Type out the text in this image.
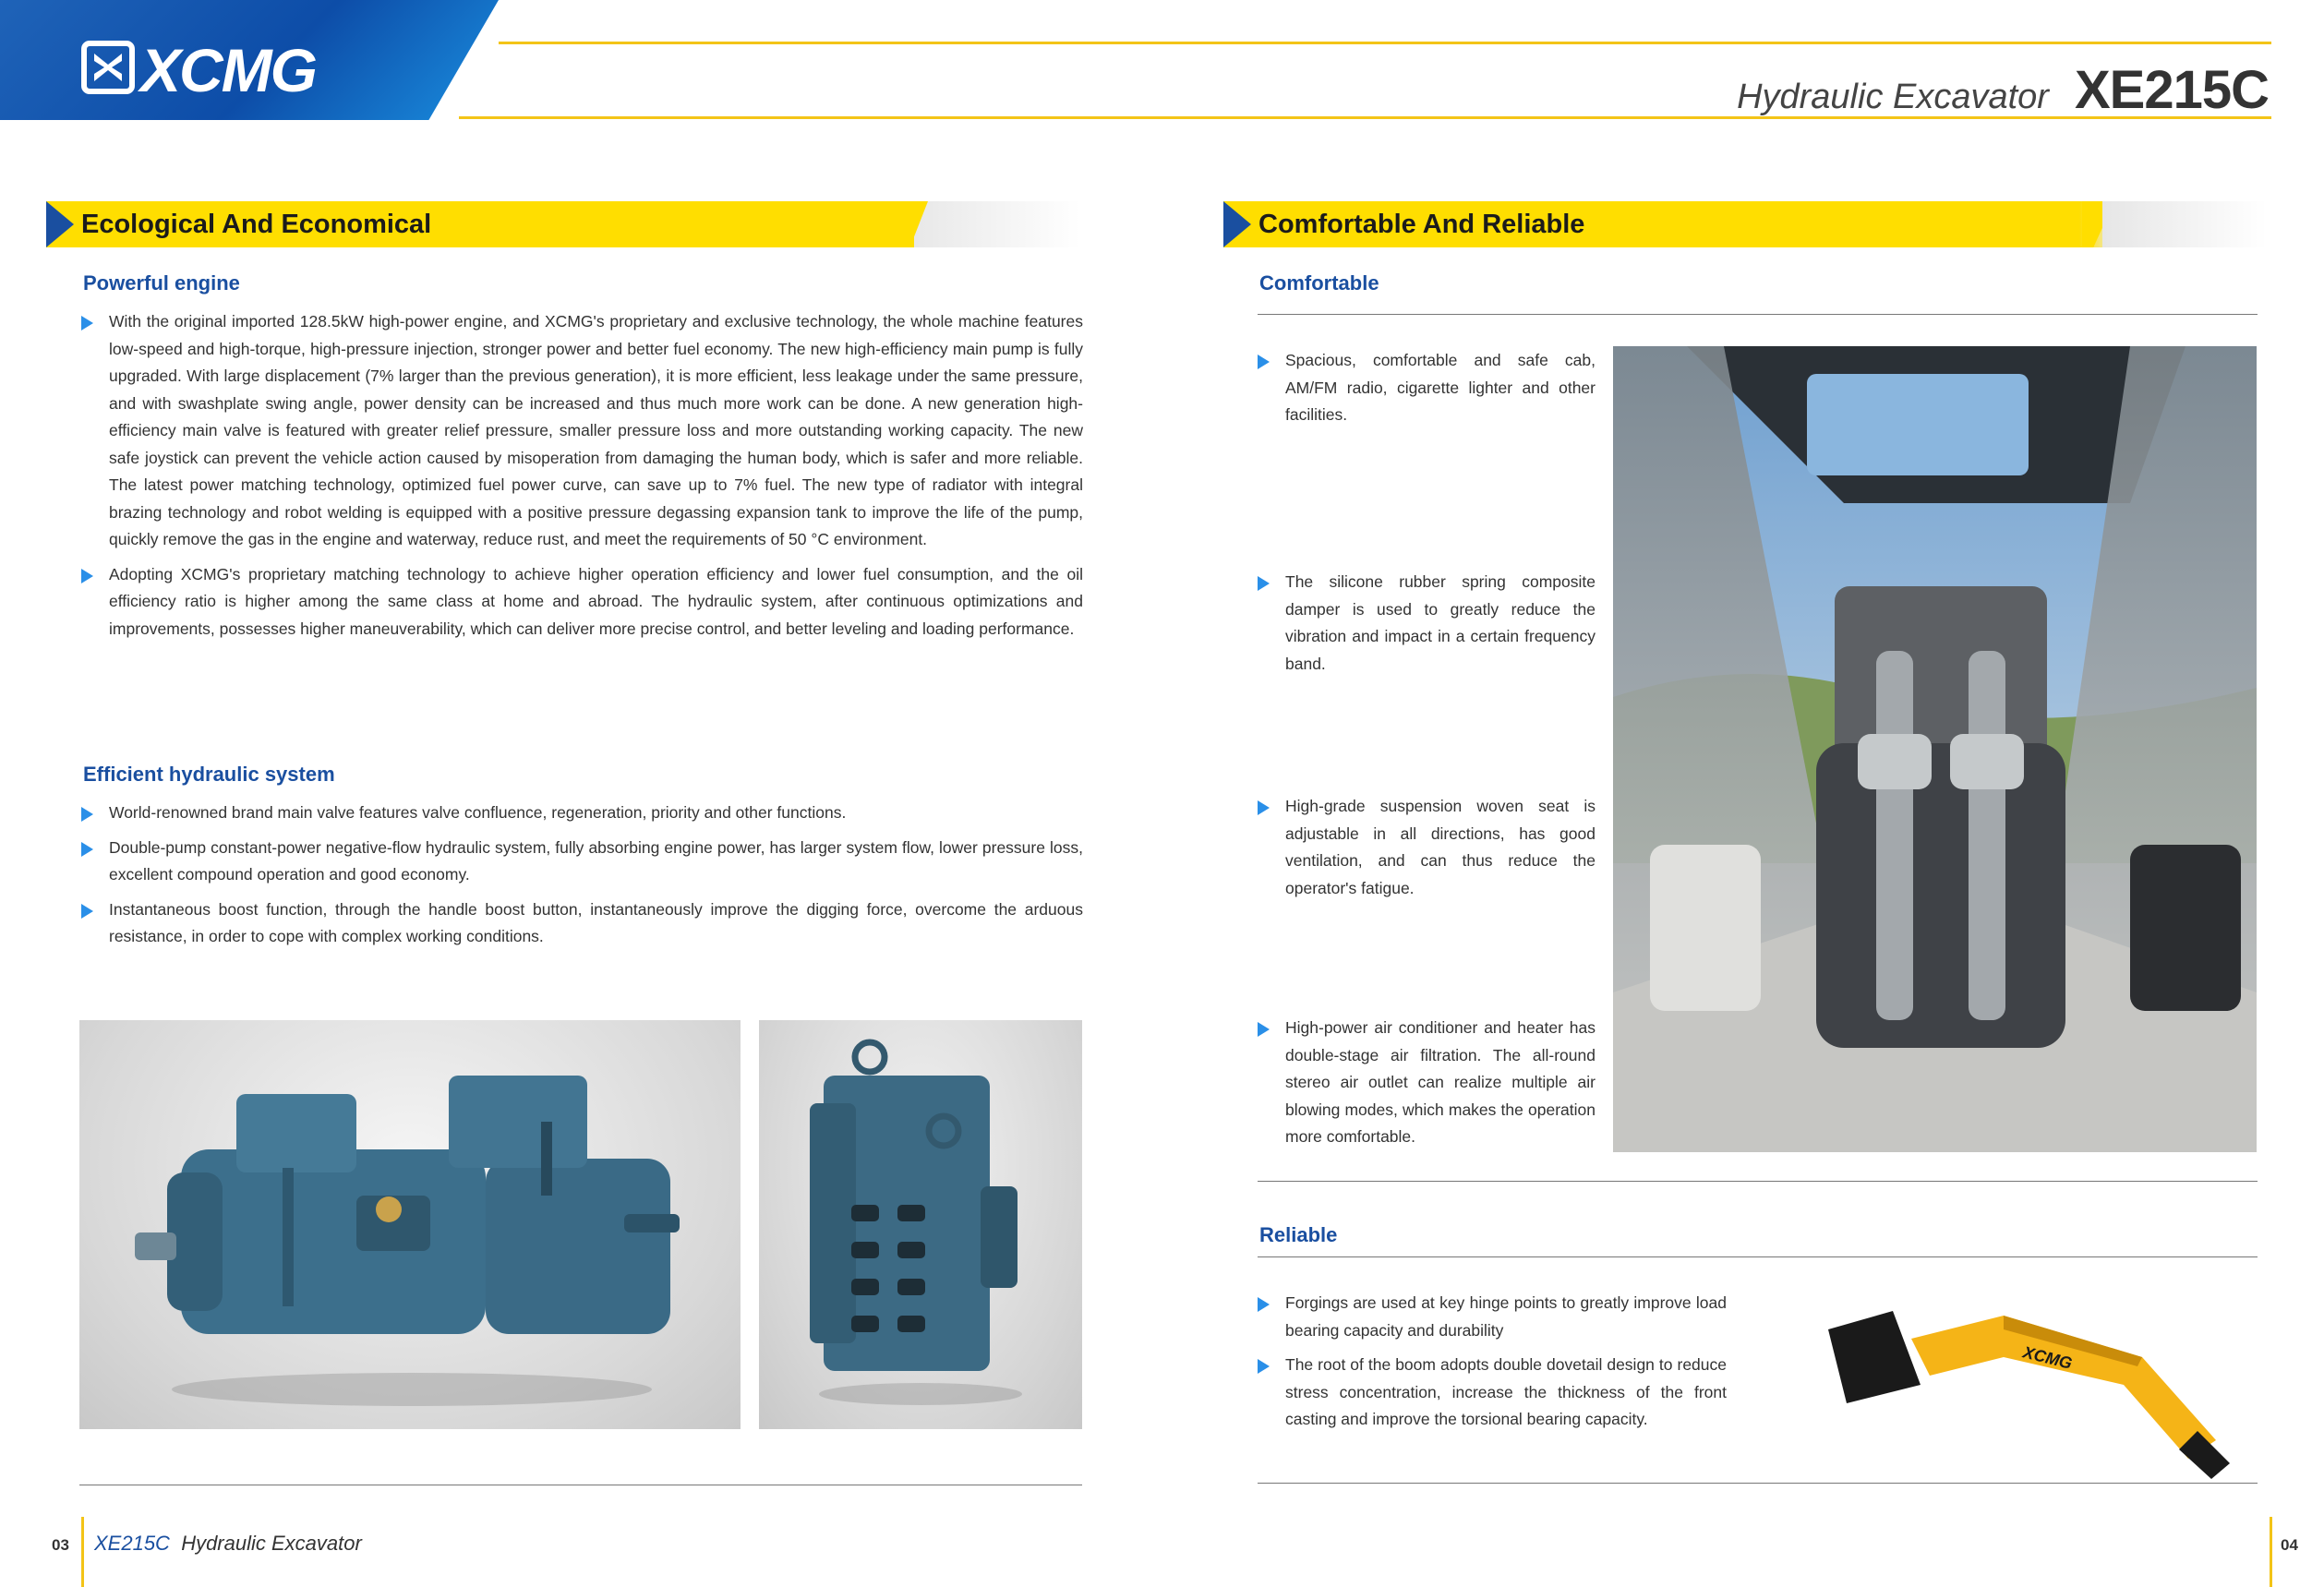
XCMG	Hydraulic Excavator XE215C
Ecological And Economical
Powerful engine
With the original imported 128.5kW high-power engine, and XCMG's proprietary and exclusive technology, the whole machine features low-speed and high-torque, high-pressure injection, stronger power and better fuel economy. The new high-efficiency main pump is fully upgraded. With large displacement (7% larger than the previous generation), it is more efficient, less leakage under the same pressure, and with swashplate swing angle, power density can be increased and thus much more work can be done. A new generation high-efficiency main valve is featured with greater relief pressure, smaller pressure loss and more outstanding working capacity. The new safe joystick can prevent the vehicle action caused by misoperation from damaging the human body, which is safer and more reliable. The latest power matching technology, optimized fuel power curve, can save up to 7% fuel. The new type of radiator with integral brazing technology and robot welding is equipped with a positive pressure degassing expansion tank to improve the life of the pump, quickly remove the gas in the engine and waterway, reduce rust, and meet the requirements of 50 °C environment.
Adopting XCMG's proprietary matching technology to achieve higher operation efficiency and lower fuel consumption, and the oil efficiency ratio is higher among the same class at home and abroad. The hydraulic system, after continuous optimizations and improvements, possesses higher maneuverability, which can deliver more precise control, and better leveling and loading performance.
Efficient hydraulic system
World-renowned brand main valve features valve confluence, regeneration, priority and other functions.
Double-pump constant-power negative-flow hydraulic system, fully absorbing engine power, has larger system flow, lower pressure loss, excellent compound operation and good economy.
Instantaneous boost function, through the handle boost button, instantaneously improve the digging force, overcome the arduous resistance, in order to cope with complex working conditions.
Comfortable And Reliable
Comfortable
Spacious, comfortable and safe cab, AM/FM radio, cigarette lighter and other facilities.
The silicone rubber spring composite damper is used to greatly reduce the vibration and impact in a certain frequency band.
High-grade suspension woven seat is adjustable in all directions, has good ventilation, and can thus reduce the operator's fatigue.
High-power air conditioner and heater has double-stage air filtration. The all-round stereo air outlet can realize multiple air blowing modes, which makes the operation more comfortable.
Reliable
Forgings are used at key hinge points to greatly improve load bearing capacity and durability
The root of the boom adopts double dovetail design to reduce stress concentration, increase the thickness of the front casting and improve the torsional bearing capacity.
XCMG
03 XE215C Hydraulic Excavator	04
